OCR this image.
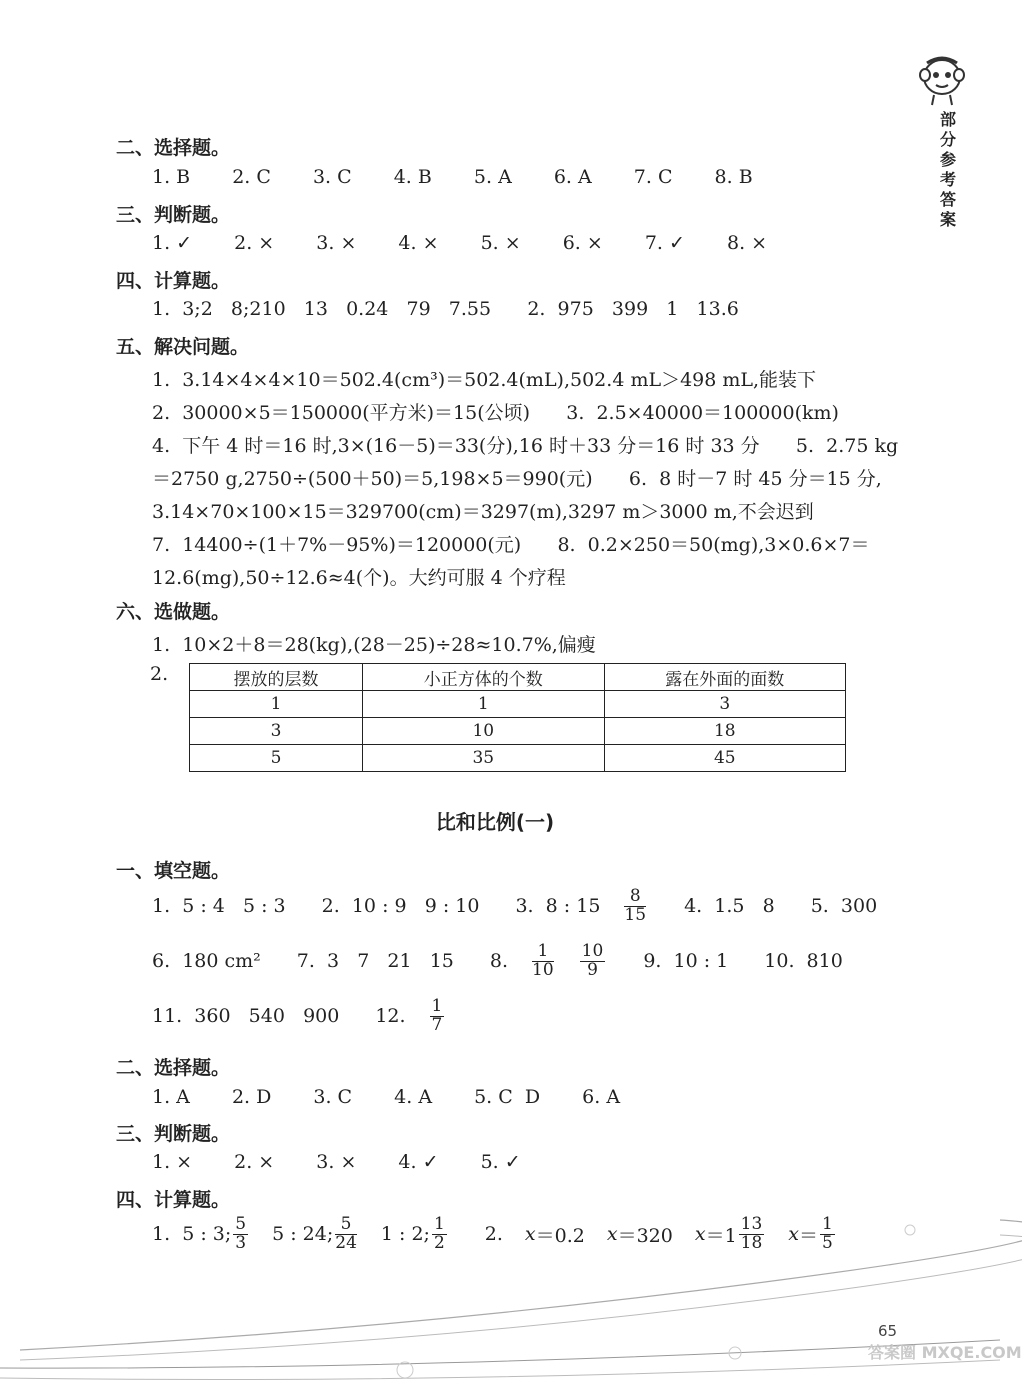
部分参考答案
二、选择题。
1. B 2. C 3. C 4. B 5. A 6. A 7. C 8. B
三、判断题。
1. ✓ 2. × 3. × 4. × 5. × 6. × 7. ✓ 8. ×
四、计算题。
1.  3;2   8;210   13   0.24   79   7.55      2.  975   399   1   13.6
五、解决问题。
1.  3.14×4×4×10＝502.4(cm³)＝502.4(mL),502.4 mL＞498 mL,能装下
2.  30000×5＝150000(平方米)＝15(公顷)      3.  2.5×40000＝100000(km)
4.  下午 4 时＝16 时,3×(16－5)＝33(分),16 时＋33 分＝16 时 33 分      5.  2.75 kg
＝2750 g,2750÷(500＋50)＝5,198×5＝990(元)      6.  8 时－7 时 45 分＝15 分,
3.14×70×100×15＝329700(cm)＝3297(m),3297 m＞3000 m,不会迟到
7.  14400÷(1＋7%－95%)＝120000(元)      8.  0.2×250＝50(mg),3×0.6×7＝
12.6(mg),50÷12.6≈4(个)。大约可服 4 个疗程
六、选做题。
1.  10×2＋8＝28(kg),(28－25)÷28≈10.7%,偏瘦
2.	摆放的层数	小正方体的个数	露在外面的面数
1	1	3
3	10	18
5	35	45
比和比例(一)
一、填空题。
1.  5 : 4   5 : 3 2.  10 : 9   9 : 10 3.  8 : $15 \frac{8}{15} 4$.  1.5   8 5.  300
6.  180 cm² 7.  3   7   21   15 8. $\frac{1}{10} \frac{10}{9} 9$.  10 : 1 10.  810
11.  360   540   900 12. $\frac{1}{7}$
二、选择题。
1. A 2. D 3. C 4. A 5. C  D 6. A
三、判断题。
1. × 2. × 3. × 4. ✓ 5. ✓
四、计算题。
1.  5 : 3; $\frac{5}{3} 5$ : 24; $\frac{5}{24} 1$ : 2; $\frac{1}{2} 2$. x ＝0.2 x ＝320 $x =1 \frac{13}{18}$ $x = \frac{1}{5}$
65
答案圈 MXQE.COM
